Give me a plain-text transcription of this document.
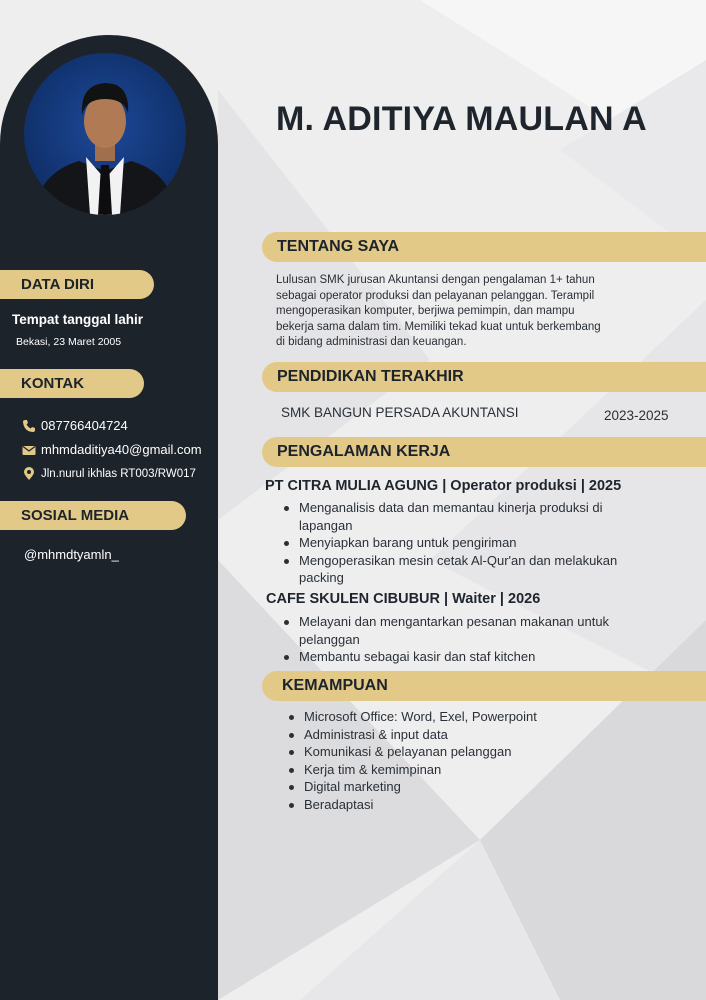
DATA DIRI
Tempat tanggal lahir
Bekasi, 23 Maret 2005
KONTAK
087766404724
mhmdaditiya40@gmail.com
Jln.nurul ikhlas RT003/RW017
SOSIAL MEDIA
@mhmdtyamln_
M. ADITIYA MAULAN A
TENTANG SAYA
Lulusan SMK jurusan Akuntansi dengan pengalaman 1+ tahun
sebagai operator produksi dan pelayanan pelanggan. Terampil
mengoperasikan komputer, berjiwa pemimpin, dan mampu
bekerja sama dalam tim. Memiliki tekad kuat untuk berkembang
di bidang administrasi dan keuangan.
PENDIDIKAN TERAKHIR
SMK BANGUN PERSADA AKUNTANSI	2023-2025
PENGALAMAN KERJA
PT CITRA MULIA AGUNG | Operator produksi | 2025
Menganalisis data dan memantau kinerja produksi di lapangan
Menyiapkan barang untuk pengiriman
Mengoperasikan mesin cetak Al-Qur'an dan melakukan packing
CAFE SKULEN CIBUBUR | Waiter | 2026
Melayani dan mengantarkan pesanan makanan untuk pelanggan
Membantu sebagai kasir dan staf kitchen
KEMAMPUAN
Microsoft Office: Word, Exel, Powerpoint
Administrasi & input data
Komunikasi & pelayanan pelanggan
Kerja tim & kemimpinan
Digital marketing
Beradaptasi
